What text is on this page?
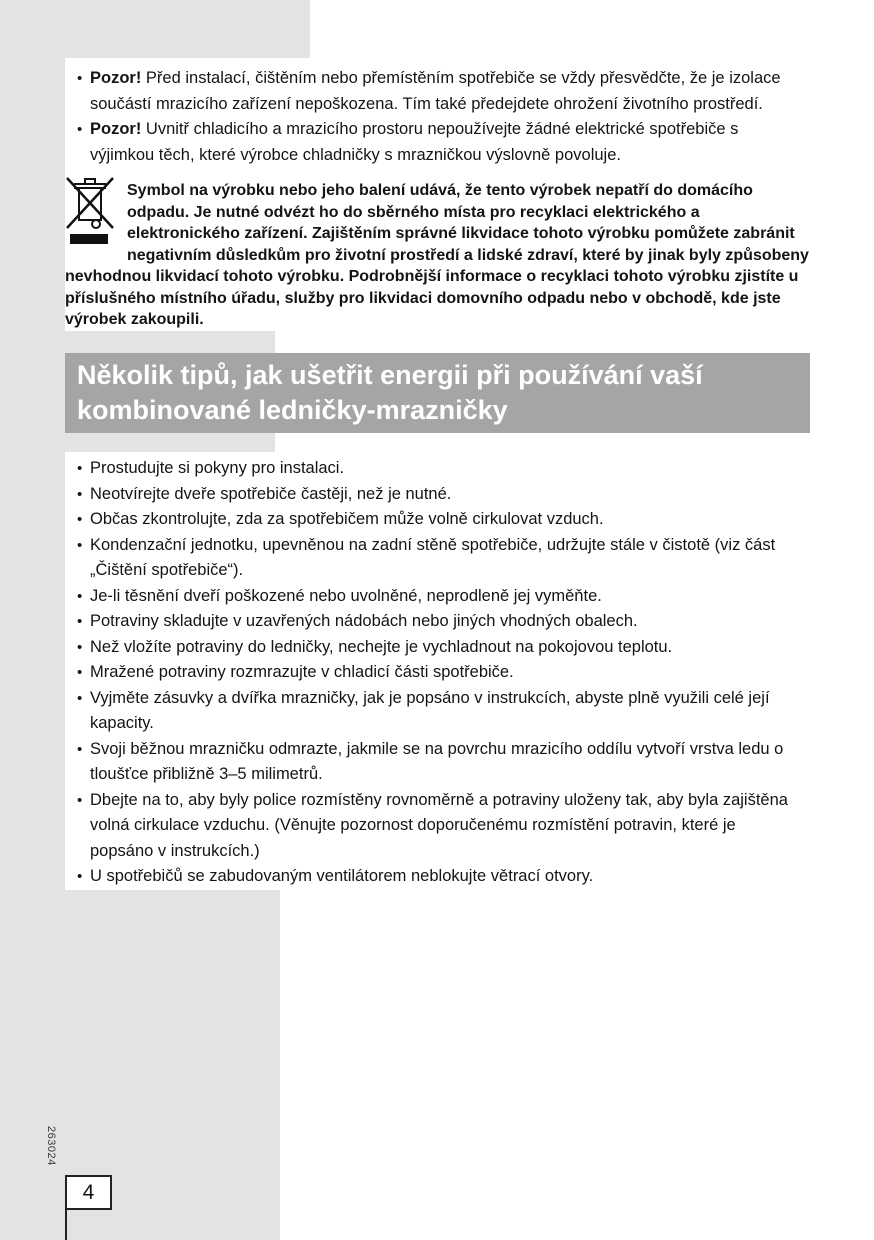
• Pozor! Před instalací, čištěním nebo přemístěním spotřebiče se vždy přesvědčte, že je izolace součástí mrazicího zařízení nepoškozena. Tím také předejdete ohrožení životního prostředí.
• Pozor! Uvnitř chladicího a mrazicího prostoru nepoužívejte žádné elektrické spotřebiče s výjimkou těch, které výrobce chladničky s mrazničkou výslovně povoluje.

Symbol na výrobku nebo jeho balení udává, že tento výrobek nepatří do domácího odpadu. Je nutné odvézt ho do sběrného místa pro recyklaci elektrického a elektronického zařízení. Zajištěním správné likvidace tohoto výrobku pomůžete zabránit negativním důsledkům pro životní prostředí a lidské zdraví, které by jinak byly způsobeny nevhodnou likvidací tohoto výrobku. Podrobnější informace o recyklaci tohoto výrobku zjistíte u příslušného místního úřadu, služby pro likvidaci domovního odpadu nebo v obchodě, kde jste výrobek zakoupili.

Několik tipů, jak ušetřit energii při používání vaší
kombinované ledničky-mrazničky
• Prostudujte si pokyny pro instalaci.
• Neotvírejte dveře spotřebiče častěji, než je nutné.
• Občas zkontrolujte, zda za spotřebičem může volně cirkulovat vzduch.
• Kondenzační jednotku, upevněnou na zadní stěně spotřebiče, udržujte stále v čistotě (viz část „Čištění spotřebiče“).
• Je-li těsnění dveří poškozené nebo uvolněné, neprodleně jej vyměňte.
• Potraviny skladujte v uzavřených nádobách nebo jiných vhodných obalech.
• Než vložíte potraviny do ledničky, nechejte je vychladnout na pokojovou teplotu.
• Mražené potraviny rozmrazujte v chladicí části spotřebiče.
• Vyjměte zásuvky a dvířka mrazničky, jak je popsáno v instrukcích, abyste plně využili celé její kapacity.
• Svoji běžnou mrazničku odmrazte, jakmile se na povrchu mrazicího oddílu vytvoří vrstva ledu o tloušťce přibližně 3–5 milimetrů.
• Dbejte na to, aby byly police rozmístěny rovnoměrně a potraviny uloženy tak, aby byla zajištěna volná cirkulace vzduchu. (Věnujte pozornost doporučenému rozmístění potravin, které je popsáno v instrukcích.)
• U spotřebičů se zabudovaným ventilátorem neblokujte větrací otvory.
263024
4
